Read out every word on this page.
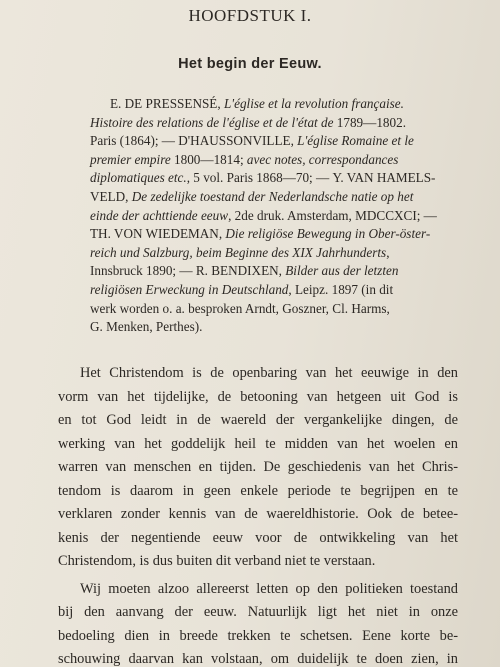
HOOFDSTUK I.
Het begin der Eeuw.
E. DE PRESSENSÉ, L'église et la revolution française.
Histoire des relations de l'église et de l'état de 1789—1802.
Paris (1864); — D'HAUSSONVILLE, L'église Romaine et le
premier empire 1800—1814; avec notes, correspondances
diplomatiques etc., 5 vol. Paris 1868—70; — Y. VAN HAMELS-
VELD, De zedelijke toestand der Nederlandsche natie op het
einde der achttiende eeuw, 2de druk. Amsterdam, MDCCXCI; —
TH. VON WIEDEMAN, Die religiöse Bewegung in Ober-öster-
reich und Salzburg, beim Beginne des XIX Jahrhunderts,
Innsbruck 1890; — R. BENDIXEN, Bilder aus der letzten
religiösen Erweckung in Deutschland, Leipz. 1897 (in dit
werk worden o. a. besproken Arndt, Goszner, Cl. Harms,
G. Menken, Perthes).
Het Christendom is de openbaring van het eeuwige in den
vorm van het tijdelijke, de betooning van hetgeen uit God is
en tot God leidt in de waereld der vergankelijke dingen, de
werking van het goddelijk heil te midden van het woelen en
warren van menschen en tijden. De geschiedenis van het Chris-
tendom is daarom in geen enkele periode te begrijpen en te
verklaren zonder kennis van de waereldhistorie. Ook de betee-
kenis der negentiende eeuw voor de ontwikkeling van het
Christendom, is dus buiten dit verband niet te verstaan.
Wij moeten alzoo allereerst letten op den politieken toestand
bij den aanvang der eeuw. Natuurlijk ligt het niet in onze
bedoeling dien in breede trekken te schetsen. Eene korte be-
schouwing daarvan kan volstaan, om duidelijk te doen zien, in
